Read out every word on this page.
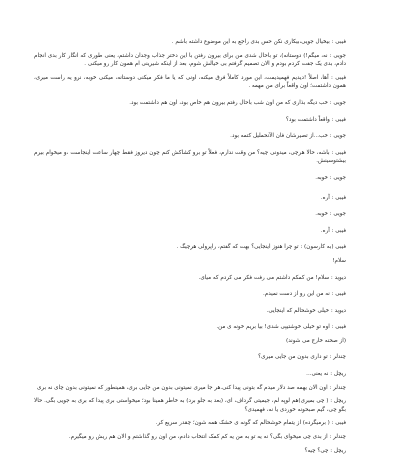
فیبی : بیخیال جویی،بیکاری نکن حس بدی راجع به این موضوع داشته باشم .

جویی : نه، میگم!) دوستانه)، تو باحال شدی من برای بیرون رفتن با این دختر جذاب وجدان داشتم، یعنی طوری که انگار کار بدی انجام دادم، بدی یک جفت کردم بودم و الان تصمیم گرفتم بی خیالش شوم، بعد از اینکه شیرینی ام همون کار رو میکنی .

فیبی : آها، اصلاً !دیدیم فهمیدیمت، این مورد کاملاً فرق میکنه، اونی که یا ما فکر میکنی دوستانه، میکنی خوبه، نرو یه راست میری، همون داشتمت؛ اون واقعاً برای من مهمه .

جویی : خب دیگه بذاری که من اون شب باحال رفتم بیرون هم خاص بود، اون هم داشتمت بود.

فیبی : واقعاً داشتمت بود؟

جویی : خب...از تصیرشان فان الآنحملیل کتمه بود.

فیبی : باشه، حالا هرچی، میدونی چیه؟ من وقت ندارم، فعلاً تو برو کشاکش کنم چون دیروز فقط چهار ساعت اینجاست ،و میخوام بیرم بیشتوسینش.

جویی : خوبه.

فیبی : آره.

جویی : خوبه.

فیبی : آره.

فیبی (به کارسون) : تو چرا هنوز اینجایی؟ بهت که گفتم، راپرولی هرچیگ .

سلام!

دیوید : سلام! من کمکم داشتم می رفت فکر می کردم که میای.

فیبی : نه من این رو از دست نمیدم.

دیوید : خیلی خوشحالم که اینجایی.

فیبی : اوه تو خیلی خوشتیپی شدی! بیا بریم خونه ی من.

(از صحنه خارج می شوند)

چندلر : تو داری بدون من جایی میری؟

ریچل : نه یعنی...

چندلر : اون الان یهمه صد دلار میدم گه بتونی پیدا کنی.هر جا میری نمیتونی بدون من جایی بری، همینطور که نمیتونی بدون چای نه بری

ریچل : ( چی بمیری)هم لوپه لم، جیمیتی گرداف، ای، (بعد به جلو برد) به خاطر همینا بود؛ میخواستی بری پیدا که بری به جویی بگی. حالا بگو چی، گیم صبحونه خوردی یا نه، فهمیدی؟

فیبی : ( برمیگرده) از یتمام خوشحالم که گونه ی خشک همه شون؛ چقدر سریع کر.

چندلر : از بدی چی میخوای بگی؟ نه یه تو به من یه کم کمک انتخاب دادم، من اون رو گذاشتم و الان هم ریش رو میگیرم.

ریچل : چی؟ چیه؟
